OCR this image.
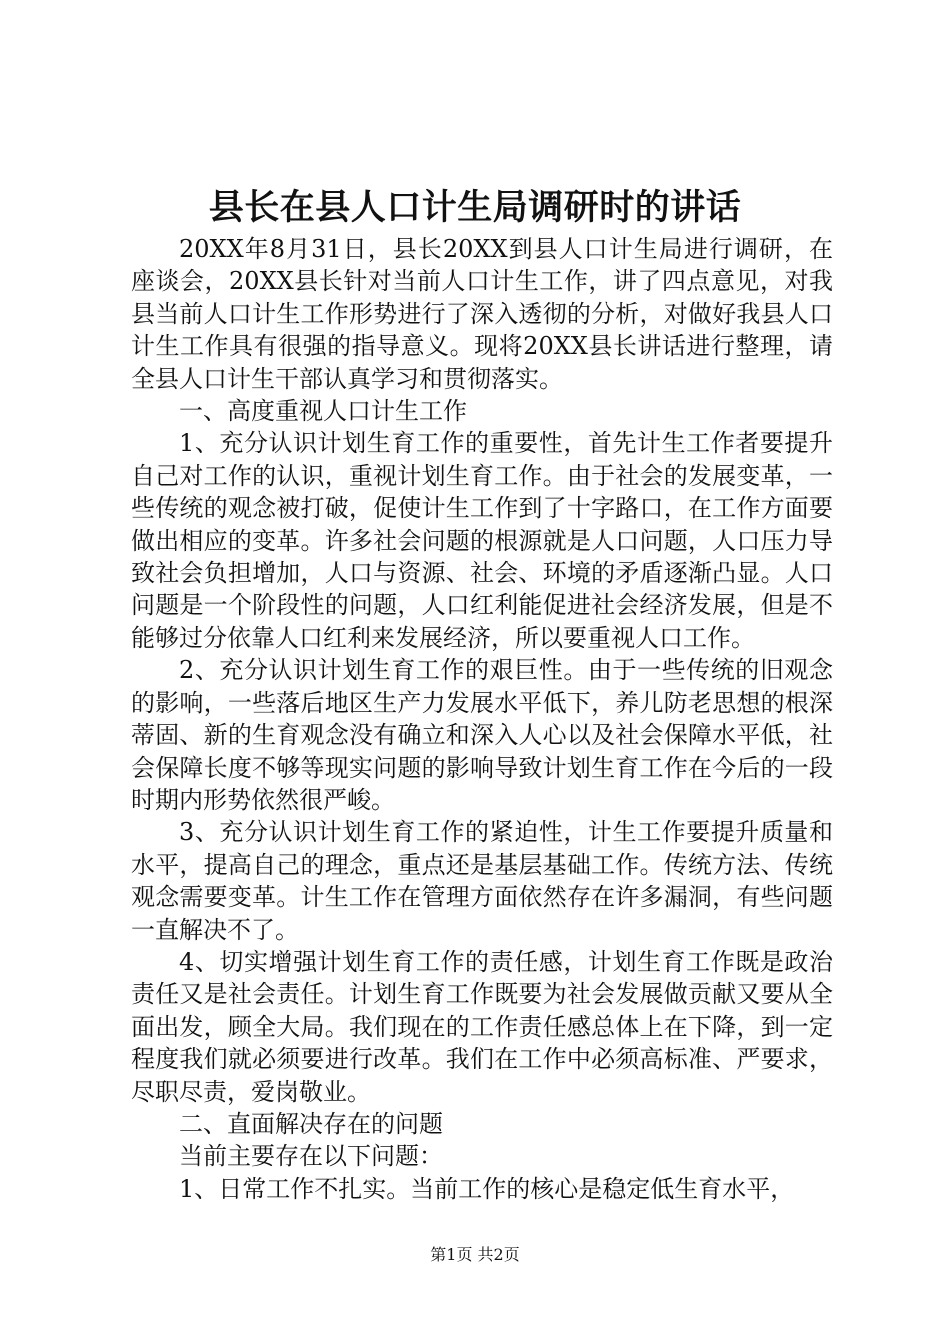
县长在县人口计生局调研时的讲话

20XX年8月31日，县长20XX到县人口计生局进行调研，在座谈会，20XX县长针对当前人口计生工作，讲了四点意见，对我县当前人口计生工作形势进行了深入透彻的分析，对做好我县人口计生工作具有很强的指导意义。现将20XX县长讲话进行整理，请全县人口计生干部认真学习和贯彻落实。

一、高度重视人口计生工作

1、充分认识计划生育工作的重要性，首先计生工作者要提升自己对工作的认识，重视计划生育工作。由于社会的发展变革，一些传统的观念被打破，促使计生工作到了十字路口，在工作方面要做出相应的变革。许多社会问题的根源就是人口问题，人口压力导致社会负担增加，人口与资源、社会、环境的矛盾逐渐凸显。人口问题是一个阶段性的问题，人口红利能促进社会经济发展，但是不能够过分依靠人口红利来发展经济，所以要重视人口工作。

2、充分认识计划生育工作的艰巨性。由于一些传统的旧观念的影响，一些落后地区生产力发展水平低下，养儿防老思想的根深蒂固、新的生育观念没有确立和深入人心以及社会保障水平低，社会保障长度不够等现实问题的影响导致计划生育工作在今后的一段时期内形势依然很严峻。

3、充分认识计划生育工作的紧迫性，计生工作要提升质量和水平，提高自己的理念，重点还是基层基础工作。传统方法、传统观念需要变革。计生工作在管理方面依然存在许多漏洞，有些问题一直解决不了。

4、切实增强计划生育工作的责任感，计划生育工作既是政治责任又是社会责任。计划生育工作既要为社会发展做贡献又要从全面出发，顾全大局。我们现在的工作责任感总体上在下降，到一定程度我们就必须要进行改革。我们在工作中必须高标准、严要求，尽职尽责，爱岗敬业。

二、直面解决存在的问题

当前主要存在以下问题：

1、日常工作不扎实。当前工作的核心是稳定低生育水平，

第1页 共2页
